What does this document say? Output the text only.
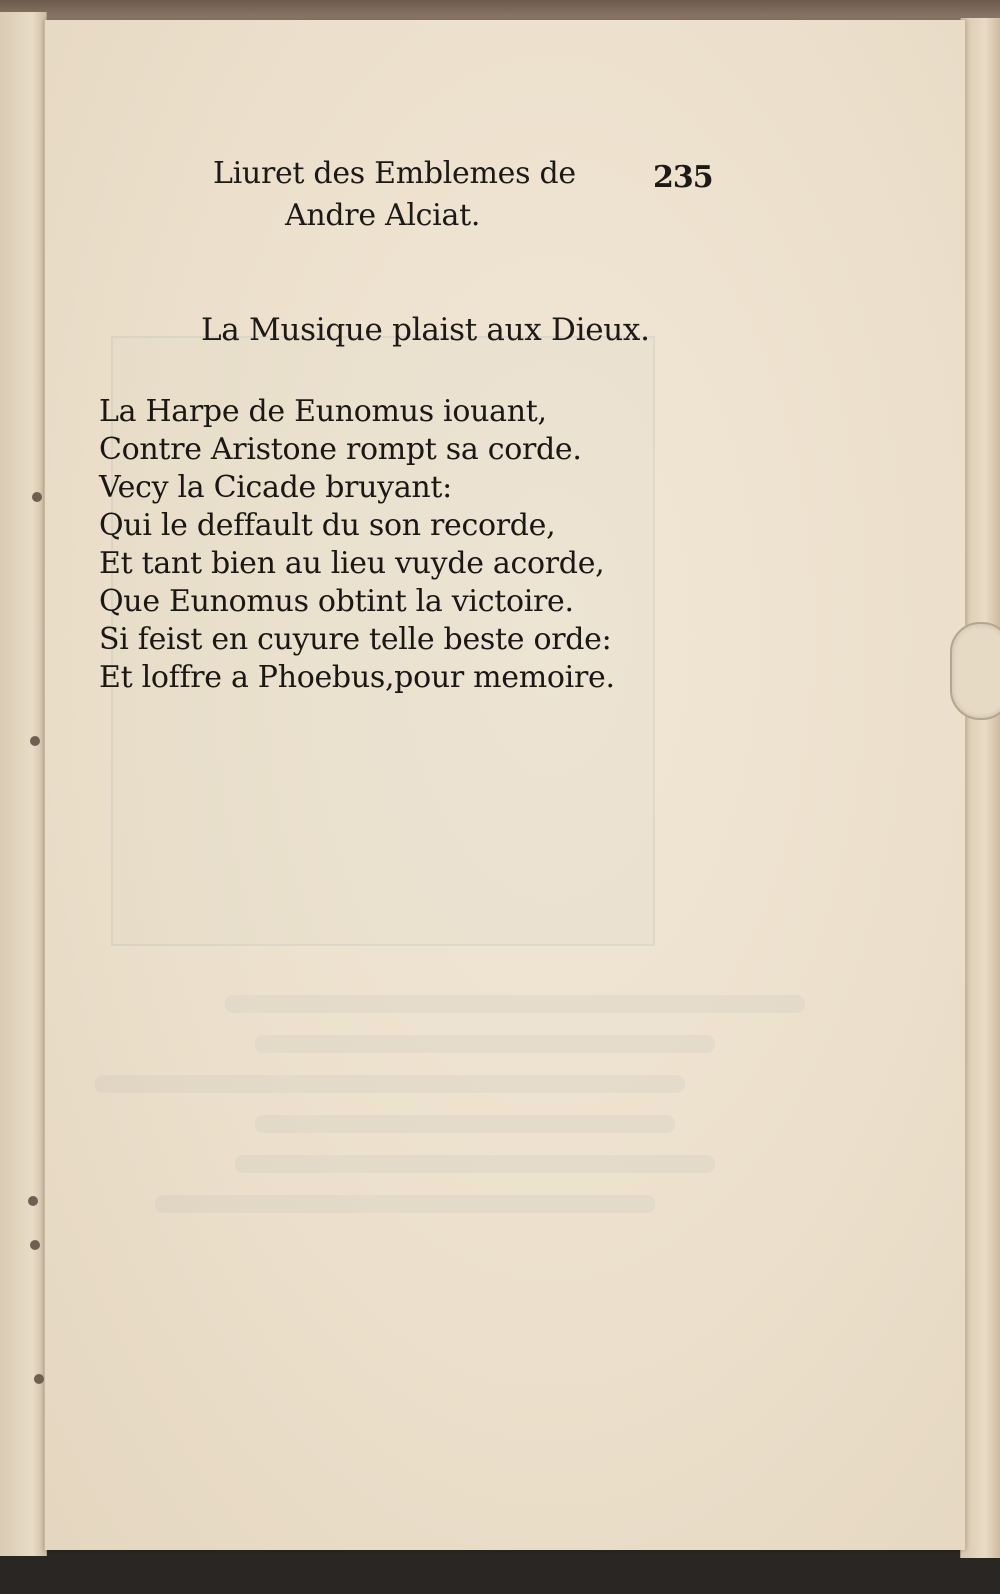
Liuret des Emblemes de
Andre Alciat.
235
La Musique plaist aux Dieux.
La Harpe de Eunomus iouant,
Contre Aristone rompt sa corde.
Vecy la Cicade bruyant:
Qui le deffault du son recorde,
Et tant bien au lieu vuyde acorde,
Que Eunomus obtint la victoire.
Si feist en cuyure telle beste orde:
Et loffre a Phoebus,pour memoire.
